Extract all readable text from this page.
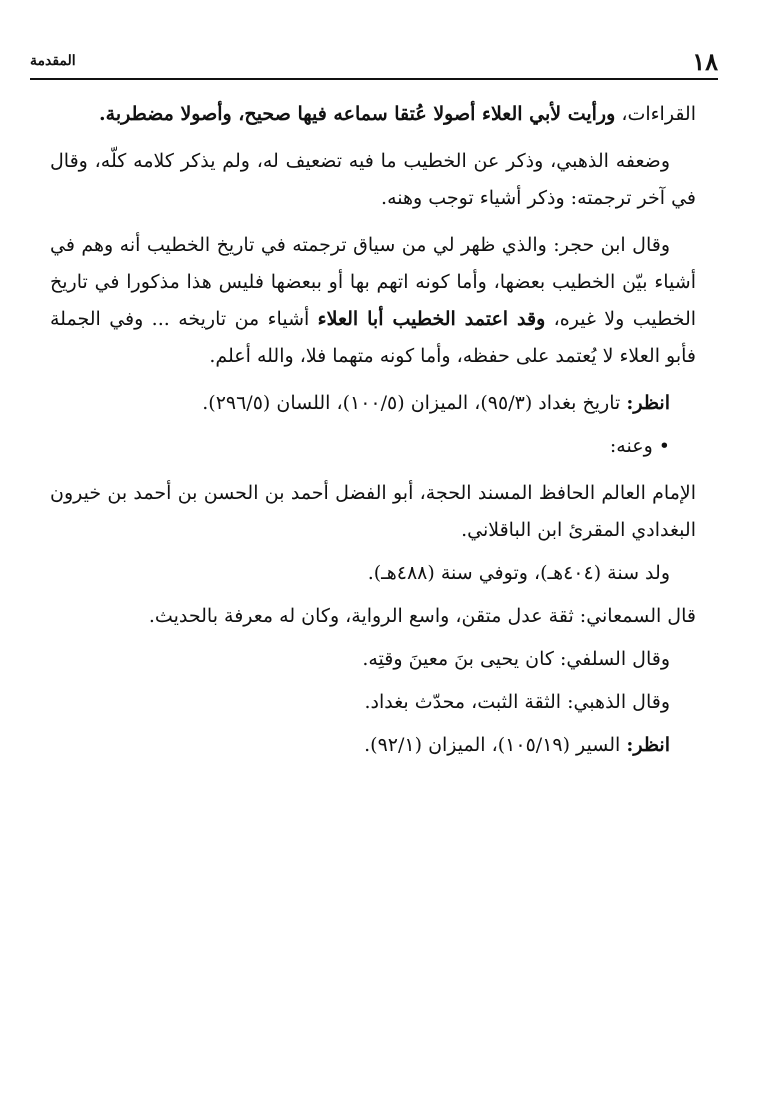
١٨
المقدمة

القراءات، ورأيت لأبي العلاء أصولا عُتقا سماعه فيها صحيح، وأصولا مضطربة.

وضعفه الذهبي، وذكر عن الخطيب ما فيه تضعيف له، ولم يذكر كلامه كلّه، وقال في آخر ترجمته: وذكر أشياء توجب وهنه.

وقال ابن حجر: والذي ظهر لي من سياق ترجمته في تاريخ الخطيب أنه وهم في أشياء بيّن الخطيب بعضها، وأما كونه اتهم بها أو ببعضها فليس هذا مذكورا في تاريخ الخطيب ولا غيره، وقد اعتمد الخطيب أبا العلاء أشياء من تاريخه ... وفي الجملة فأبو العلاء لا يُعتمد على حفظه، وأما كونه متهما فلا، والله أعلم.

انظر: تاريخ بغداد (٩٥/٣)، الميزان (١٠٠/٥)، اللسان (٢٩٦/٥).

• وعنه:

الإمام العالم الحافظ المسند الحجة، أبو الفضل أحمد بن الحسن بن أحمد بن خيرون البغدادي المقرئ ابن الباقلاني.

ولد سنة (٤٠٤هـ)، وتوفي سنة (٤٨٨هـ).

قال السمعاني: ثقة عدل متقن، واسع الرواية، وكان له معرفة بالحديث.

وقال السلفي: كان يحيى بنَ معينَ وقتِه.

وقال الذهبي: الثقة الثبت، محدّث بغداد.

انظر: السير (١٠٥/١٩)، الميزان (٩٢/١).
